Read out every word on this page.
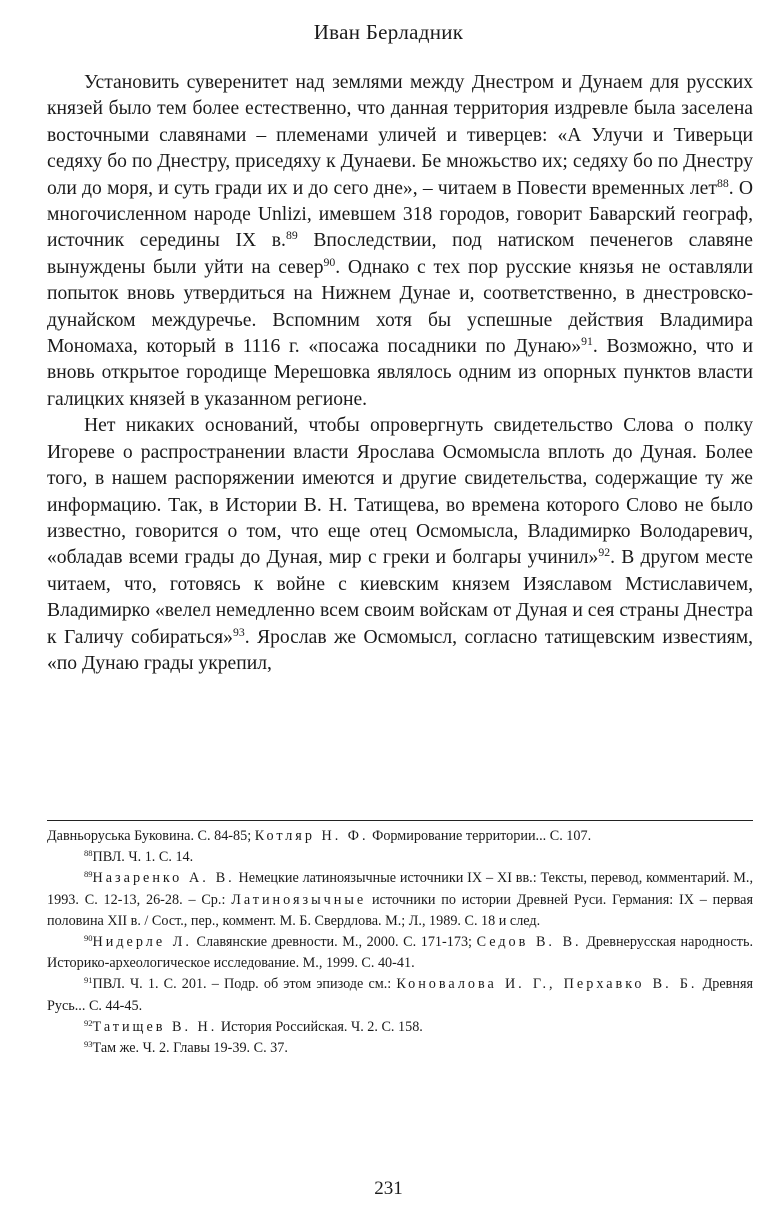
Иван Берладник

Установить суверенитет над землями между Днестром и Дунаем для русских князей было тем более естественно, что данная территория издревле была заселена восточными славянами – племенами уличей и тиверцев: «А Улучи и Тиверьци седяху бо по Днестру, приседяху к Дунаеви. Бе множьство их; седяху бо по Днестру оли до моря, и суть гради их и до сего дне», – читаем в Повести временных лет$^{88}$. О многочисленном народе Unlizi, имевшем 318 городов, говорит Баварский географ, источник середины IX в.$^{89}$ Впоследствии, под натиском печенегов славяне вынуждены были уйти на север$^{90}$. Однако с тех пор русские князья не оставляли попыток вновь утвердиться на Нижнем Дунае и, соответственно, в днестровско-дунайском междуречье. Вспомним хотя бы успешные действия Владимира Мономаха, который в 1116 г. «посажа посадники по Дунаю»$^{91}$. Возможно, что и вновь открытое городище Мерешовка являлось одним из опорных пунктов власти галицких князей в указанном регионе.

Нет никаких оснований, чтобы опровергнуть свидетельство Слова о полку Игореве о распространении власти Ярослава Осмомысла вплоть до Дуная. Более того, в нашем распоряжении имеются и другие свидетельства, содержащие ту же информацию. Так, в Истории В. Н. Татищева, во времена которого Слово не было известно, говорится о том, что еще отец Осмомысла, Владимирко Володаревич, «обладав всеми грады до Дуная, мир с греки и болгары учинил»$^{92}$. В другом месте читаем, что, готовясь к войне с киевским князем Изяславом Мстиславичем, Владимирко «велел немедленно всем своим войскам от Дуная и сея страны Днестра к Галичу собираться»$^{93}$. Ярослав же Осмомысл, согласно татищевским известиям, «по Дунаю грады укрепил,

Давньоруська Буковина. С. 84-85; Котляр Н. Ф. Формирование территории... С. 107.

$^{88}$ПВЛ. Ч. 1. С. 14.

$^{89}$Назаренко А. В. Немецкие латиноязычные источники IX – XI вв.: Тексты, перевод, комментарий. М., 1993. С. 12-13, 26-28. – Ср.: Латиноязычные источники по истории Древней Руси. Германия: IX – первая половина XII в. / Сост., пер., коммент. М. Б. Свердлова. М.; Л., 1989. С. 18 и след.

$^{90}$Нидерле Л. Славянские древности. М., 2000. С. 171-173; Седов В. В. Древнерусская народность. Историко-археологическое исследование. М., 1999. С. 40-41.

$^{91}$ПВЛ. Ч. 1. С. 201. – Подр. об этом эпизоде см.: Коновалова И. Г., Перхавко В. Б. Древняя Русь... С. 44-45.

$^{92}$Татищев В. Н. История Российская. Ч. 2. С. 158.

$^{93}$Там же. Ч. 2. Главы 19-39. С. 37.

231
